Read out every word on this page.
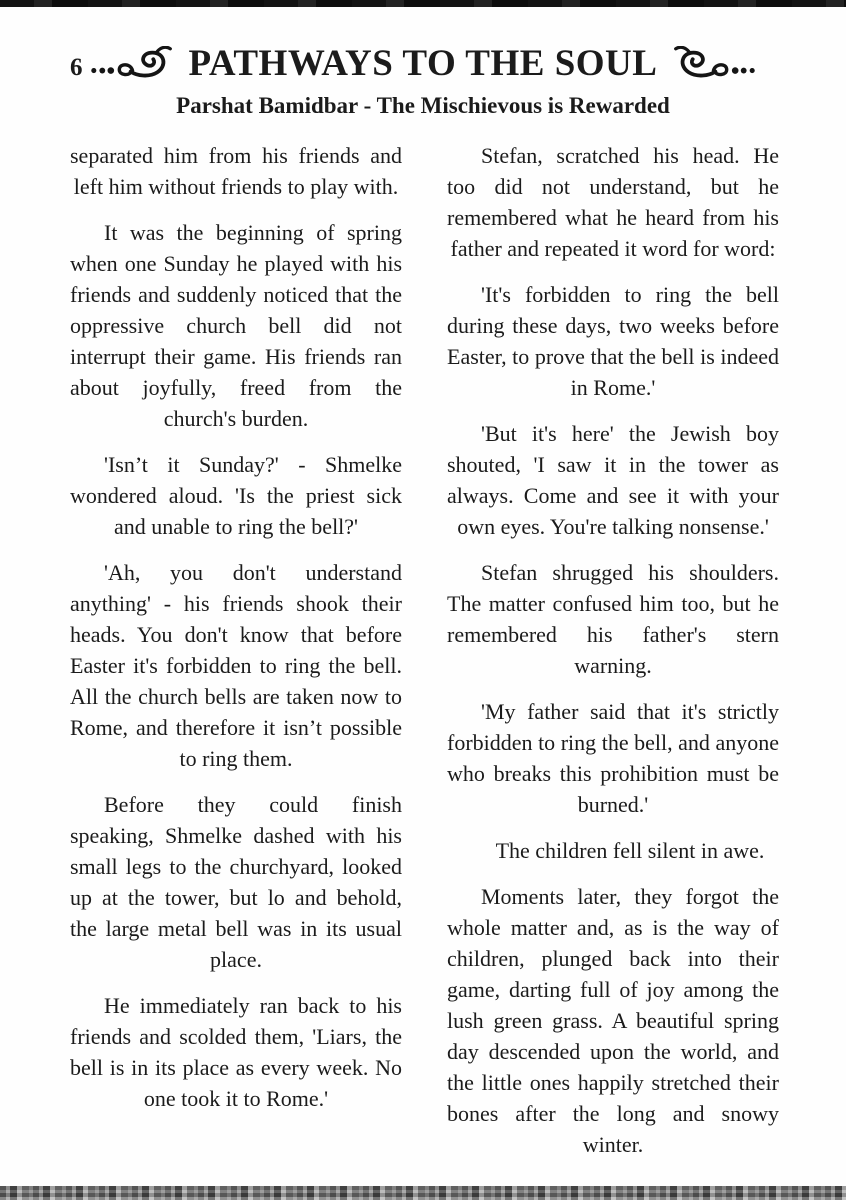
6	PATHWAYS TO THE SOUL
Parshat Bamidbar - The Mischievous is Rewarded

separated him from his friends and left him without friends to play with.

It was the beginning of spring when one Sunday he played with his friends and suddenly noticed that the oppressive church bell did not interrupt their game. His friends ran about joyfully, freed from the church's burden.

'Isn’t it Sunday?' - Shmelke wondered aloud. 'Is the priest sick and unable to ring the bell?'

'Ah, you don't understand anything' - his friends shook their heads. You don't know that before Easter it's forbidden to ring the bell. All the church bells are taken now to Rome, and therefore it isn’t possible to ring them.

Before they could finish speaking, Shmelke dashed with his small legs to the churchyard, looked up at the tower, but lo and behold, the large metal bell was in its usual place.

He immediately ran back to his friends and scolded them, 'Liars, the bell is in its place as every week. No one took it to Rome.'

Stefan, scratched his head. He too did not understand, but he remembered what he heard from his father and repeated it word for word:

'It's forbidden to ring the bell during these days, two weeks before Easter, to prove that the bell is indeed in Rome.'

'But it's here' the Jewish boy shouted, 'I saw it in the tower as always. Come and see it with your own eyes. You're talking nonsense.'

Stefan shrugged his shoulders. The matter confused him too, but he remembered his father's stern warning.

'My father said that it's strictly forbidden to ring the bell, and anyone who breaks this prohibition must be burned.'

The children fell silent in awe.

Moments later, they forgot the whole matter and, as is the way of children, plunged back into their game, darting full of joy among the lush green grass. A beautiful spring day descended upon the world, and the little ones happily stretched their bones after the long and snowy winter.
